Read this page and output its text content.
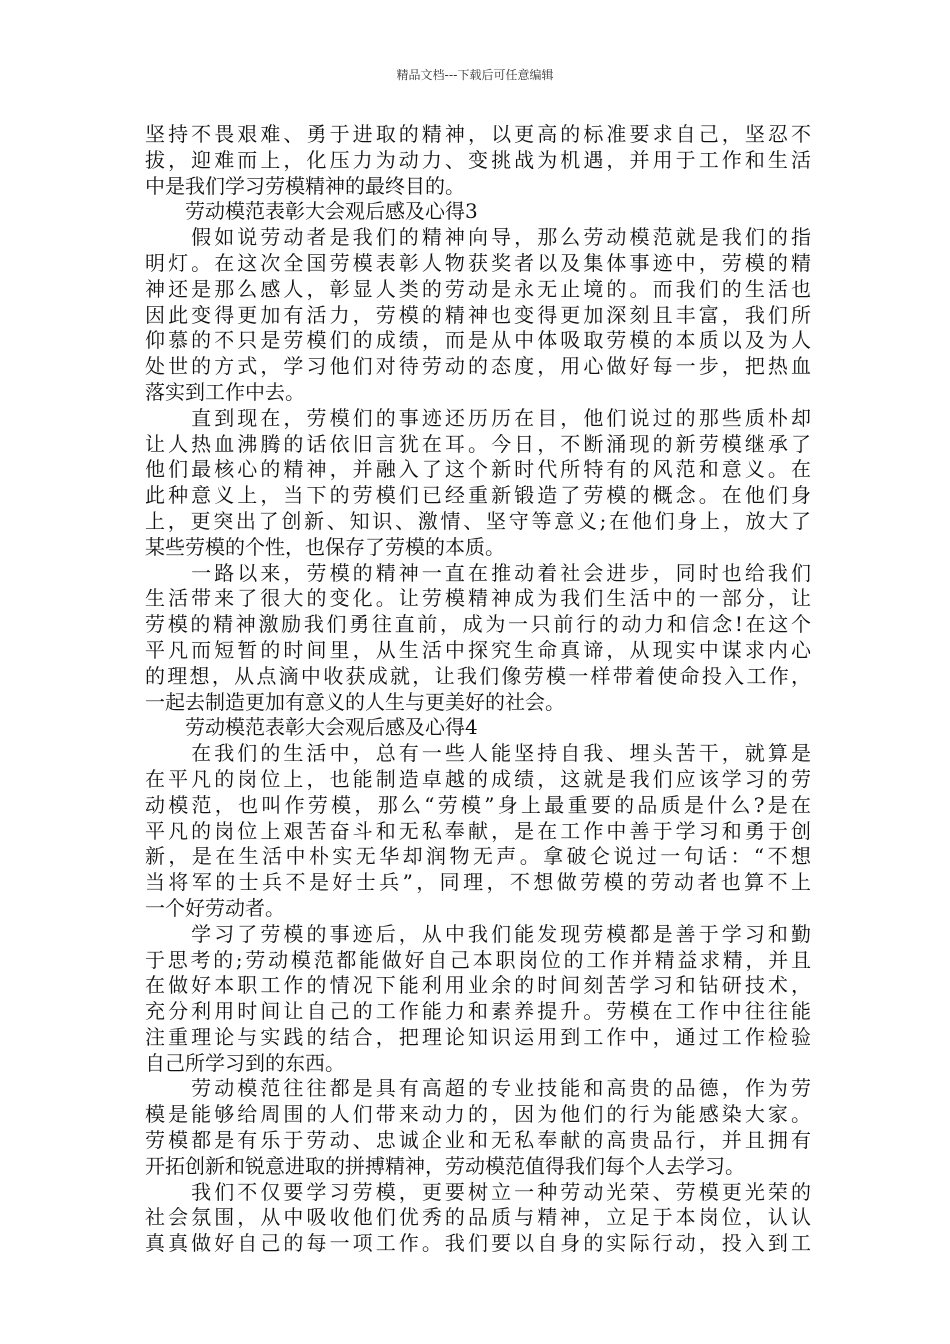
精品文档---下载后可任意编辑
坚持不畏艰难、勇于进取的精神，以更高的标准要求自己，坚忍不
拔，迎难而上，化压力为动力、变挑战为机遇，并用于工作和生活
中是我们学习劳模精神的最终目的。
　　劳动模范表彰大会观后感及心得3
　　假如说劳动者是我们的精神向导，那么劳动模范就是我们的指
明灯。在这次全国劳模表彰人物获奖者以及集体事迹中，劳模的精
神还是那么感人，彰显人类的劳动是永无止境的。而我们的生活也
因此变得更加有活力，劳模的精神也变得更加深刻且丰富，我们所
仰慕的不只是劳模们的成绩，而是从中体吸取劳模的本质以及为人
处世的方式，学习他们对待劳动的态度，用心做好每一步，把热血
落实到工作中去。
　　直到现在，劳模们的事迹还历历在目，他们说过的那些质朴却
让人热血沸腾的话依旧言犹在耳。今日，不断涌现的新劳模继承了
他们最核心的精神，并融入了这个新时代所特有的风范和意义。在
此种意义上，当下的劳模们已经重新锻造了劳模的概念。在他们身
上，更突出了创新、知识、激情、坚守等意义;在他们身上，放大了
某些劳模的个性，也保存了劳模的本质。
　　一路以来，劳模的精神一直在推动着社会进步，同时也给我们
生活带来了很大的变化。让劳模精神成为我们生活中的一部分，让
劳模的精神激励我们勇往直前，成为一只前行的动力和信念!在这个
平凡而短暂的时间里，从生活中探究生命真谛，从现实中谋求内心
的理想，从点滴中收获成就，让我们像劳模一样带着使命投入工作，
一起去制造更加有意义的人生与更美好的社会。
　　劳动模范表彰大会观后感及心得4
　　在我们的生活中，总有一些人能坚持自我、埋头苦干，就算是
在平凡的岗位上，也能制造卓越的成绩，这就是我们应该学习的劳
动模范，也叫作劳模，那么“劳模”身上最重要的品质是什么?是在
平凡的岗位上艰苦奋斗和无私奉献，是在工作中善于学习和勇于创
新，是在生活中朴实无华却润物无声。拿破仑说过一句话：“不想
当将军的士兵不是好士兵”，同理，不想做劳模的劳动者也算不上
一个好劳动者。
　　学习了劳模的事迹后，从中我们能发现劳模都是善于学习和勤
于思考的;劳动模范都能做好自己本职岗位的工作并精益求精，并且
在做好本职工作的情况下能利用业余的时间刻苦学习和钻研技术，
充分利用时间让自己的工作能力和素养提升。劳模在工作中往往能
注重理论与实践的结合，把理论知识运用到工作中，通过工作检验
自己所学习到的东西。
　　劳动模范往往都是具有高超的专业技能和高贵的品德，作为劳
模是能够给周围的人们带来动力的，因为他们的行为能感染大家。
劳模都是有乐于劳动、忠诚企业和无私奉献的高贵品行，并且拥有
开拓创新和锐意进取的拼搏精神，劳动模范值得我们每个人去学习。
　　我们不仅要学习劳模，更要树立一种劳动光荣、劳模更光荣的
社会氛围，从中吸收他们优秀的品质与精神，立足于本岗位，认认
真真做好自己的每一项工作。我们要以自身的实际行动，投入到工
